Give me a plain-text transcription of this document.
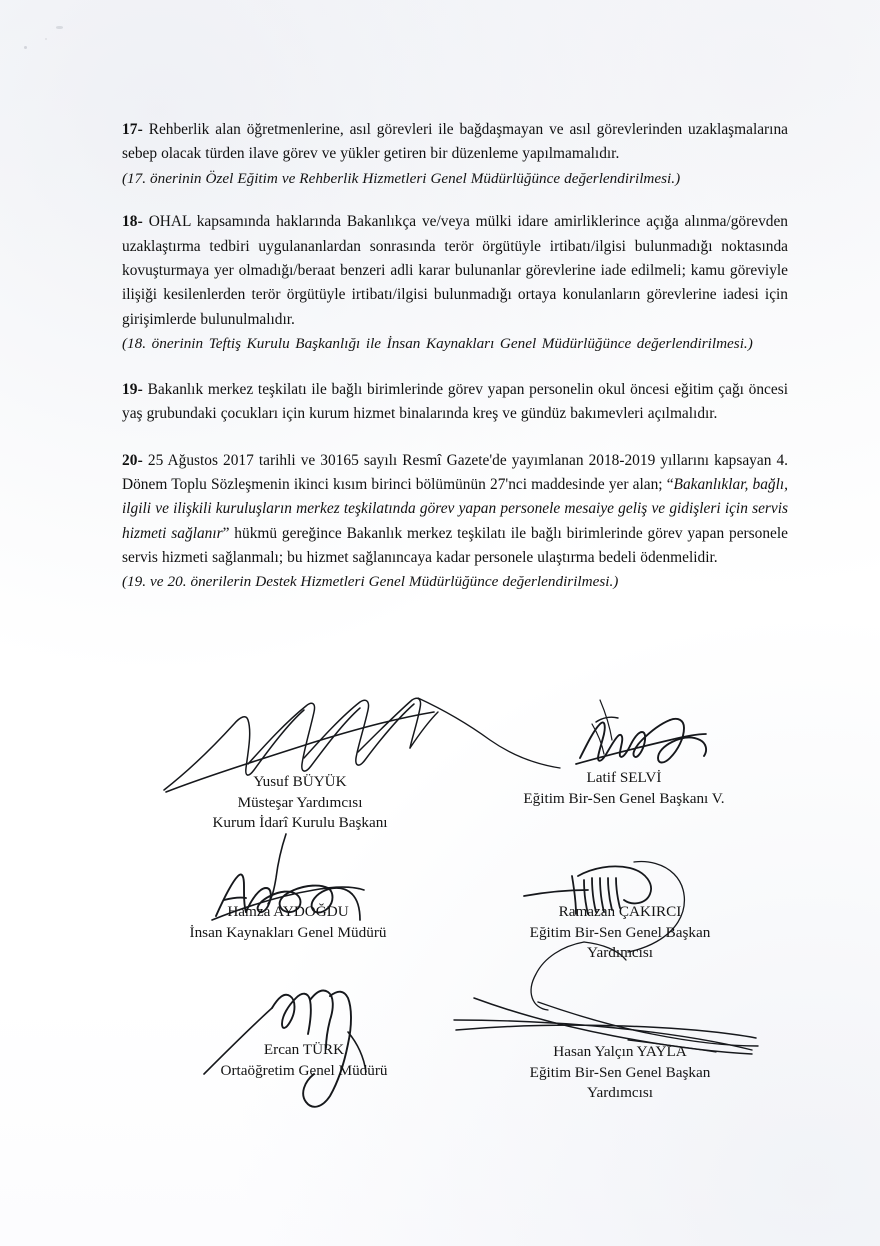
17- Rehberlik alan öğretmenlerine, asıl görevleri ile bağdaşmayan ve asıl görevlerinden uzaklaşmalarına sebep olacak türden ilave görev ve yükler getiren bir düzenleme yapılmamalıdır.
(17. önerinin Özel Eğitim ve Rehberlik Hizmetleri Genel Müdürlüğünce değerlendirilmesi.)
18- OHAL kapsamında haklarında Bakanlıkça ve/veya mülki idare amirliklerince açığa alınma/görevden uzaklaştırma tedbiri uygulananlardan sonrasında terör örgütüyle irtibatı/ilgisi bulunmadığı noktasında kovuşturmaya yer olmadığı/beraat benzeri adli karar bulunanlar görevlerine iade edilmeli; kamu göreviyle ilişiği kesilenlerden terör örgütüyle irtibatı/ilgisi bulunmadığı ortaya konulanların görevlerine iadesi için girişimlerde bulunulmalıdır.
(18. önerinin Teftiş Kurulu Başkanlığı ile İnsan Kaynakları Genel Müdürlüğünce değerlendirilmesi.)
19- Bakanlık merkez teşkilatı ile bağlı birimlerinde görev yapan personelin okul öncesi eğitim çağı öncesi yaş grubundaki çocukları için kurum hizmet binalarında kreş ve gündüz bakımevleri açılmalıdır.
20- 25 Ağustos 2017 tarihli ve 30165 sayılı Resmî Gazete'de yayımlanan 2018-2019 yıllarını kapsayan 4. Dönem Toplu Sözleşmenin ikinci kısım birinci bölümünün 27'nci maddesinde yer alan; “Bakanlıklar, bağlı, ilgili ve ilişkili kuruluşların merkez teşkilatında görev yapan personele mesaiye geliş ve gidişleri için servis hizmeti sağlanır” hükmü gereğince Bakanlık merkez teşkilatı ile bağlı birimlerinde görev yapan personele servis hizmeti sağlanmalı; bu hizmet sağlanıncaya kadar personele ulaştırma bedeli ödenmelidir.
(19. ve 20. önerilerin Destek Hizmetleri Genel Müdürlüğünce değerlendirilmesi.)
Yusuf BÜYÜK
Müsteşar Yardımcısı
Kurum İdarî Kurulu Başkanı
Latif SELVİ
Eğitim Bir-Sen Genel Başkanı V.
Hamza AYDOĞDU
İnsan Kaynakları Genel Müdürü
Ramazan ÇAKIRCI
Eğitim Bir-Sen Genel Başkan
Yardımcısı
Ercan TÜRK
Ortaöğretim Genel Müdürü
Hasan Yalçın YAYLA
Eğitim Bir-Sen Genel Başkan
Yardımcısı
